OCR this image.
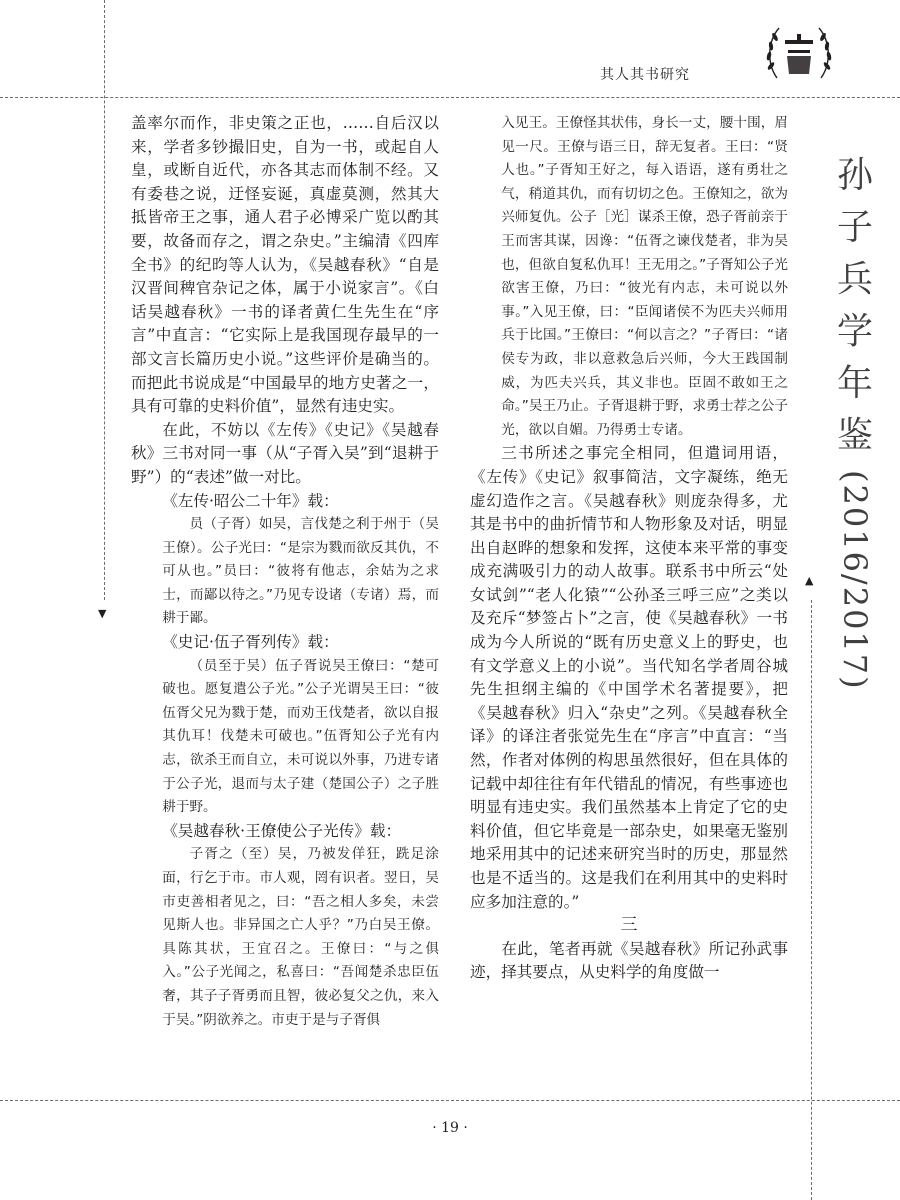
▼
▲
其人其书研究

盖率尔而作，非史策之正也，……自后汉以来，学者多钞撮旧史，自为一书，或起自人皇，或断自近代，亦各其志而体制不经。又有委巷之说，迂怪妄诞，真虚莫测，然其大抵皆帝王之事，通人君子必博采广览以酌其要，故备而存之，谓之杂史。”主编清《四库全书》的纪昀等人认为，《吴越春秋》“自是汉晋间稗官杂记之体，属于小说家言”。《白话吴越春秋》一书的译者黄仁生先生在“序言”中直言：“它实际上是我国现存最早的一部文言长篇历史小说。”这些评价是确当的。而把此书说成是“中国最早的地方史著之一，具有可靠的史料价值”，显然有违史实。

在此，不妨以《左传》《史记》《吴越春秋》三书对同一事（从“子胥入吴”到“退耕于野”）的“表述”做一对比。

《左传·昭公二十年》载：

员（子胥）如吴，言伐楚之利于州于（吴王僚）。公子光曰：“是宗为戮而欲反其仇，不可从也。”员曰：“彼将有他志，余姑为之求士，而鄙以待之。”乃见专设诸（专诸）焉，而耕于鄙。

《史记·伍子胥列传》载：

（员至于吴）伍子胥说吴王僚曰：“楚可破也。愿复遣公子光。”公子光谓吴王曰：“彼伍胥父兄为戮于楚，而劝王伐楚者，欲以自报其仇耳！伐楚未可破也。”伍胥知公子光有内志，欲杀王而自立，未可说以外事，乃进专诸于公子光，退而与太子建（楚国公子）之子胜耕于野。

《吴越春秋·王僚使公子光传》载：

子胥之（至）吴，乃被发佯狂，跣足涂面，行乞于市。市人观，罔有识者。翌日，吴市吏善相者见之，曰：“吾之相人多矣，未尝见斯人也。非异国之亡人乎？”乃白吴王僚。具陈其状，王宜召之。王僚曰：“与之俱入。”公子光闻之，私喜曰：“吾闻楚杀忠臣伍奢，其子子胥勇而且智，彼必复父之仇，来入于吴。”阴欲养之。市吏于是与子胥俱

入见王。王僚怪其状伟，身长一丈，腰十围，眉见一尺。王僚与语三日，辞无复者。王曰：“贤人也。”子胥知王好之，每入语语，遂有勇壮之气，稍道其仇，而有切切之色。王僚知之，欲为兴师复仇。公子［光］谋杀王僚，恐子胥前亲于王而害其谋，因谗：“伍胥之谏伐楚者，非为吴也，但欲自复私仇耳！王无用之。”子胥知公子光欲害王僚，乃曰：“彼光有内志，未可说以外事。”入见王僚，曰：“臣闻诸侯不为匹夫兴师用兵于比国。”王僚曰：“何以言之？”子胥曰：“诸侯专为政，非以意救急后兴师，今大王践国制威，为匹夫兴兵，其义非也。臣固不敢如王之命。”吴王乃止。子胥退耕于野，求勇士荐之公子光，欲以自媚。乃得勇士专诸。

三书所述之事完全相同，但遣词用语，《左传》《史记》叙事简洁，文字凝练，绝无虚幻造作之言。《吴越春秋》则庞杂得多，尤其是书中的曲折情节和人物形象及对话，明显出自赵晔的想象和发挥，这使本来平常的事变成充满吸引力的动人故事。联系书中所云“处女试剑”“老人化猿”“公孙圣三呼三应”之类以及充斥“梦签占卜”之言，使《吴越春秋》一书成为今人所说的“既有历史意义上的野史，也有文学意义上的小说”。当代知名学者周谷城先生担纲主编的《中国学术名著提要》，把《吴越春秋》归入“杂史”之列。《吴越春秋全译》的译注者张觉先生在“序言”中直言：“当然，作者对体例的构思虽然很好，但在具体的记载中却往往有年代错乱的情况，有些事迹也明显有违史实。我们虽然基本上肯定了它的史料价值，但它毕竟是一部杂史，如果毫无鉴别地采用其中的记述来研究当时的历史，那显然也是不适当的。这是我们在利用其中的史料时应多加注意的。”

三

在此，笔者再就《吴越春秋》所记孙武事迹，择其要点，从史料学的角度做一

孙
子
兵
学
年
鉴
(2016/2017)
· 19 ·
